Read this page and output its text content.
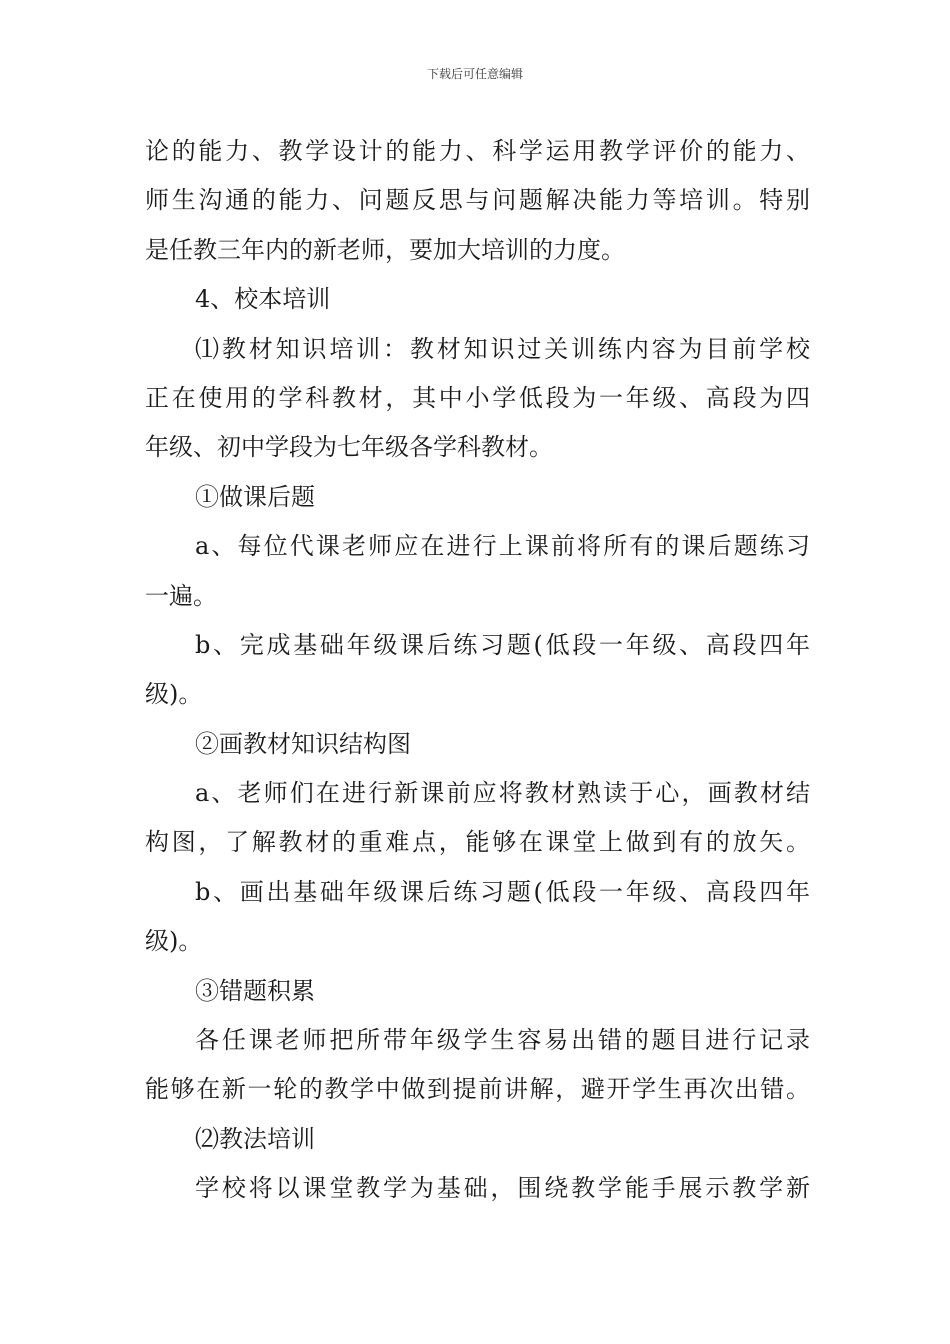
下载后可任意编辑
论的能力、教学设计的能力、科学运用教学评价的能力、
师生沟通的能力、问题反思与问题解决能力等培训。特别
是任教三年内的新老师，要加大培训的力度。
4、校本培训
⑴教材知识培训：教材知识过关训练内容为目前学校
正在使用的学科教材，其中小学低段为一年级、高段为四
年级、初中学段为七年级各学科教材。
①做课后题
a、每位代课老师应在进行上课前将所有的课后题练习
一遍。
b、完成基础年级课后练习题(低段一年级、高段四年
级)。
②画教材知识结构图
a、老师们在进行新课前应将教材熟读于心，画教材结
构图，了解教材的重难点，能够在课堂上做到有的放矢。
b、画出基础年级课后练习题(低段一年级、高段四年
级)。
③错题积累
各任课老师把所带年级学生容易出错的题目进行记录
能够在新一轮的教学中做到提前讲解，避开学生再次出错。
⑵教法培训
学校将以课堂教学为基础，围绕教学能手展示教学新
